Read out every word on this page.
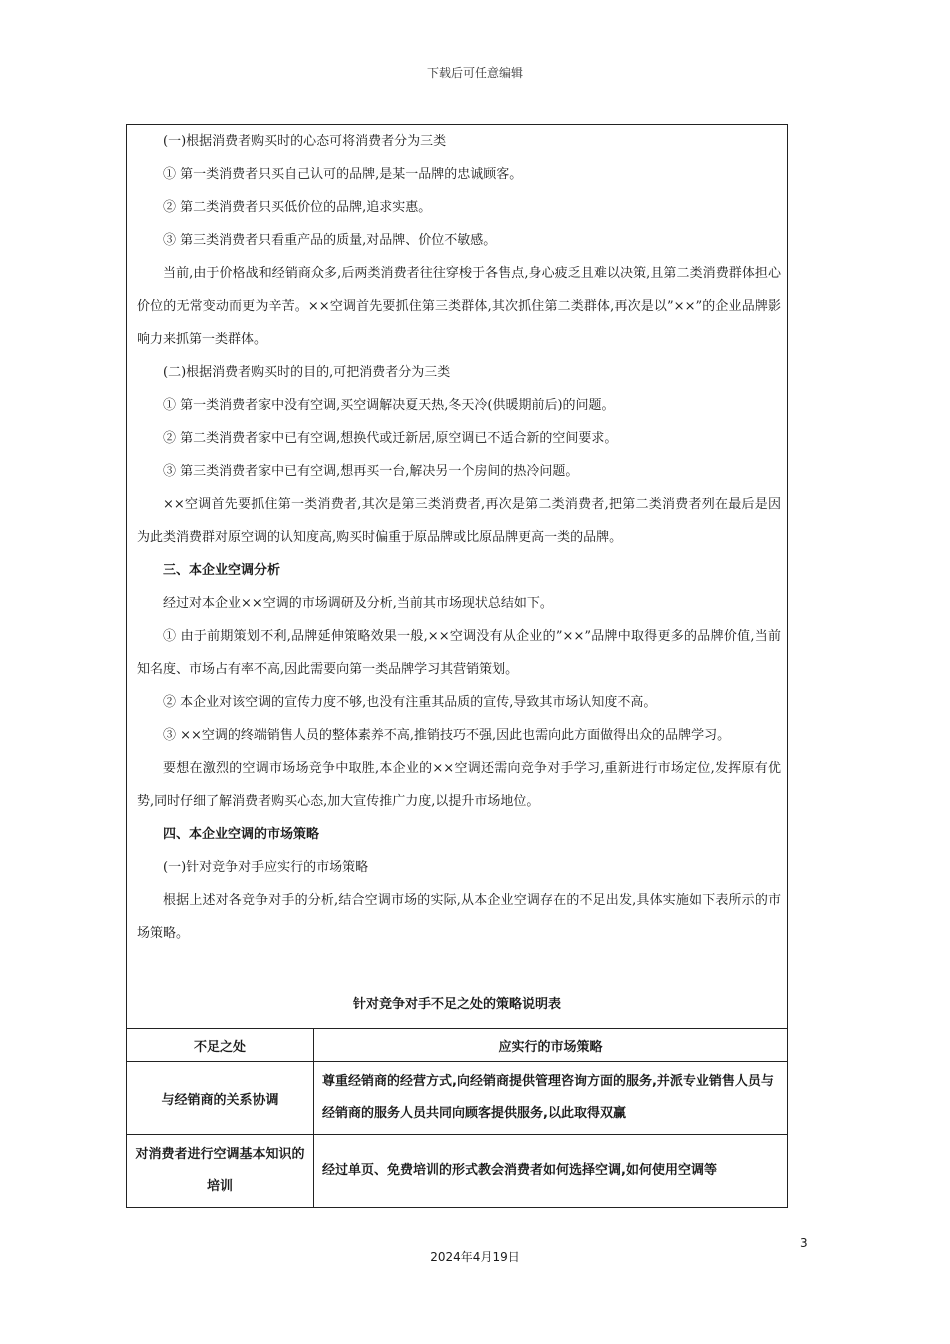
下载后可任意编辑

(一)根据消费者购买时的心态可将消费者分为三类

① 第一类消费者只买自己认可的品牌,是某一品牌的忠诚顾客。

② 第二类消费者只买低价位的品牌,追求实惠。

③ 第三类消费者只看重产品的质量,对品牌、价位不敏感。

当前,由于价格战和经销商众多,后两类消费者往往穿梭于各售点,身心疲乏且难以决策,且第二类消费群体担心价位的无常变动而更为辛苦。××空调首先要抓住第三类群体,其次抓住第二类群体,再次是以”××”的企业品牌影响力来抓第一类群体。

(二)根据消费者购买时的目的,可把消费者分为三类

① 第一类消费者家中没有空调,买空调解决夏天热,冬天冷(供暖期前后)的问题。

② 第二类消费者家中已有空调,想换代或迁新居,原空调已不适合新的空间要求。

③ 第三类消费者家中已有空调,想再买一台,解决另一个房间的热冷问题。

××空调首先要抓住第一类消费者,其次是第三类消费者,再次是第二类消费者,把第二类消费者列在最后是因为此类消费群对原空调的认知度高,购买时偏重于原品牌或比原品牌更高一类的品牌。

三、本企业空调分析

经过对本企业××空调的市场调研及分析,当前其市场现状总结如下。

① 由于前期策划不利,品牌延伸策略效果一般,××空调没有从企业的”××”品牌中取得更多的品牌价值,当前知名度、市场占有率不高,因此需要向第一类品牌学习其营销策划。

② 本企业对该空调的宣传力度不够,也没有注重其品质的宣传,导致其市场认知度不高。

③ ××空调的终端销售人员的整体素养不高,推销技巧不强,因此也需向此方面做得出众的品牌学习。

要想在激烈的空调市场场竞争中取胜,本企业的××空调还需向竞争对手学习,重新进行市场定位,发挥原有优势,同时仔细了解消费者购买心态,加大宣传推广力度,以提升市场地位。

四、本企业空调的市场策略

(一)针对竞争对手应实行的市场策略

根据上述对各竞争对手的分析,结合空调市场的实际,从本企业空调存在的不足出发,具体实施如下表所示的市场策略。

针对竞争对手不足之处的策略说明表
不足之处	应实行的市场策略
与经销商的关系协调	尊重经销商的经营方式,向经销商提供管理咨询方面的服务,并派专业销售人员与经销商的服务人员共同向顾客提供服务,以此取得双赢
对消费者进行空调基本知识的培训	经过单页、免费培训的形式教会消费者如何选择空调,如何使用空调等
3
2024年4月19日
